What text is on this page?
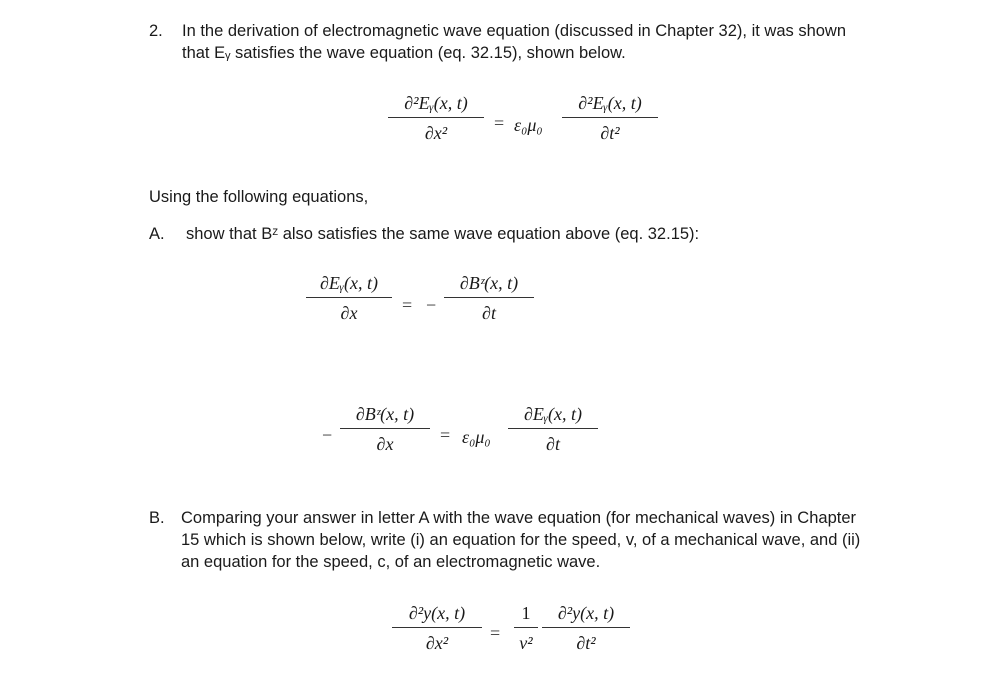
2. In the derivation of electromagnetic wave equation (discussed in Chapter 32), it was shown
that Eᵧ satisfies the wave equation (eq. 32.15), shown below.
∂²Eᵧ(x, t)
∂x²	= ε₀μ₀
∂²Eᵧ(x, t)
∂t²
Using the following equations,
A. show that Bᶻ also satisfies the same wave equation above (eq. 32.15):
∂Eᵧ(x, t)
∂x = −
∂Bᶻ(x, t)
∂t
−
∂Bᶻ(x, t)
∂x	= ε₀μ₀
∂Eᵧ(x, t)
∂t
B. Comparing your answer in letter A with the wave equation (for mechanical waves) in Chapter
15 which is shown below, write (i) an equation for the speed, v, of a mechanical wave, and (ii)
an equation for the speed, c, of an electromagnetic wave.
∂²y(x, t)
∂x² =
1
v²
∂²y(x, t)
∂t²
